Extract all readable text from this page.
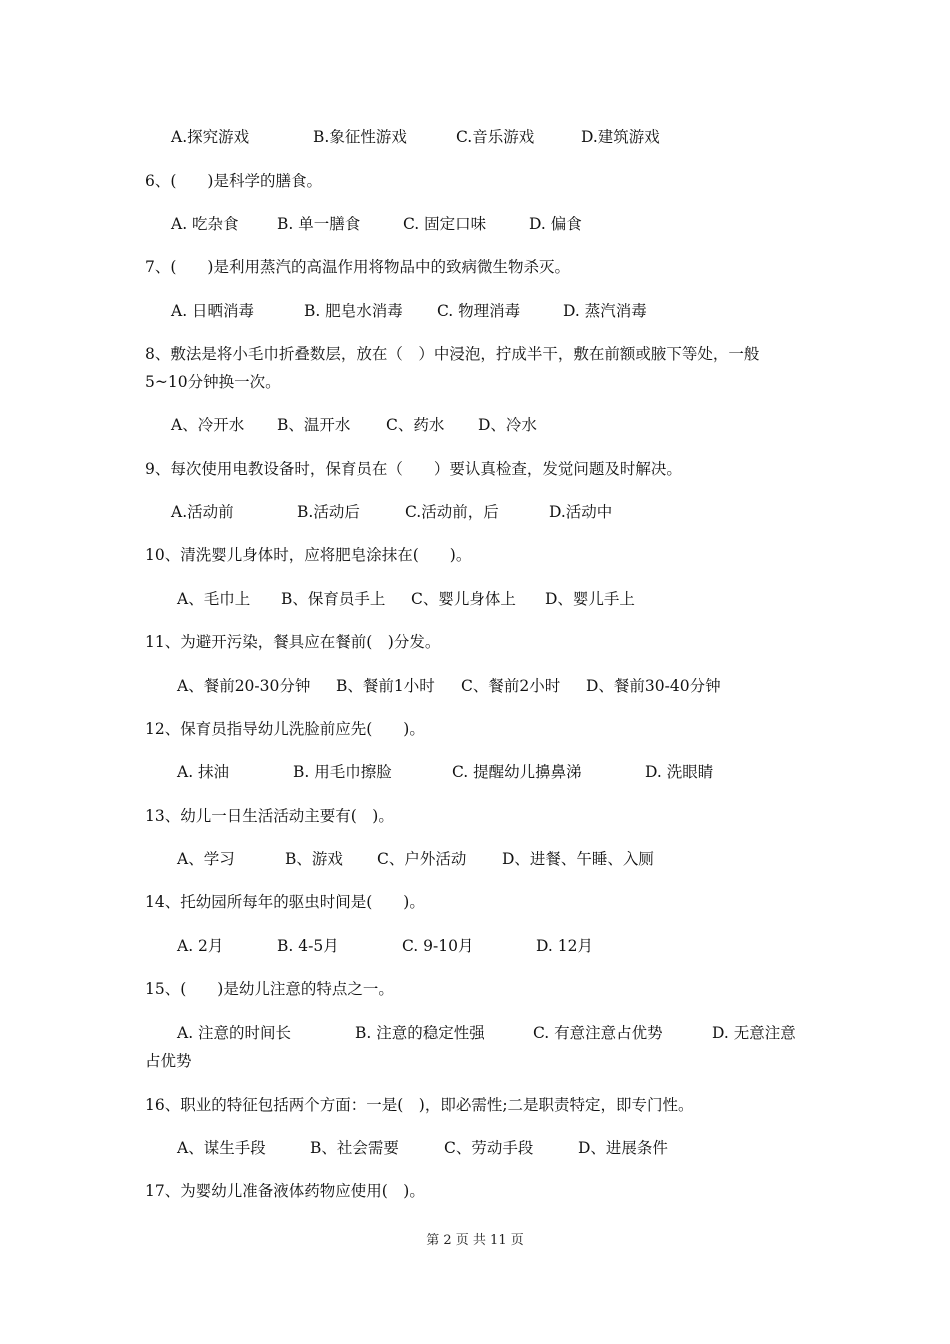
A.探究游戏	B.象征性游戏	C.音乐游戏	D.建筑游戏
6、(　　)是科学的膳食。
A. 吃杂食 B. 单一膳食	C. 固定口味	D. 偏食
7、(　　)是利用蒸汽的高温作用将物品中的致病微生物杀灭。
A. 日晒消毒	B. 肥皂水消毒 C. 物理消毒	D. 蒸汽消毒
8、敷法是将小毛巾折叠数层，放在（　）中浸泡，拧成半干，敷在前额或腋下等处，一般
5~10分钟换一次。
A、冷开水 B、温开水 C、药水 D、冷水
9、每次使用电教设备时，保育员在（　　）要认真检查，发觉问题及时解决。
A.活动前	B.活动后	C.活动前，后	D.活动中
10、清洗婴儿身体时，应将肥皂涂抹在(　　)。
A、毛巾上 B、保育员手上 C、婴儿身体上 D、婴儿手上
11、为避开污染，餐具应在餐前(　)分发。
A、餐前20-30分钟 B、餐前1小时 C、餐前2小时 D、餐前30-40分钟
12、保育员指导幼儿洗脸前应先(　　)。
A. 抹油	B. 用毛巾擦脸	C. 提醒幼儿擤鼻涕	D. 洗眼睛
13、幼儿一日生活活动主要有(　)。
A、学习	B、游戏 C、户外活动 D、进餐、午睡、入厕
14、托幼园所每年的驱虫时间是(　　)。
A. 2月	B. 4-5月	C. 9-10月	D. 12月
15、(　　)是幼儿注意的特点之一。
A. 注意的时间长	B. 注意的稳定性强	C. 有意注意占优势	D. 无意注意
占优势
16、职业的特征包括两个方面：一是(　)，即必需性;二是职责特定，即专门性。
A、谋生手段	B、社会需要	C、劳动手段	D、进展条件
17、为婴幼儿准备液体药物应使用(　)。
第 2 页 共 11 页
